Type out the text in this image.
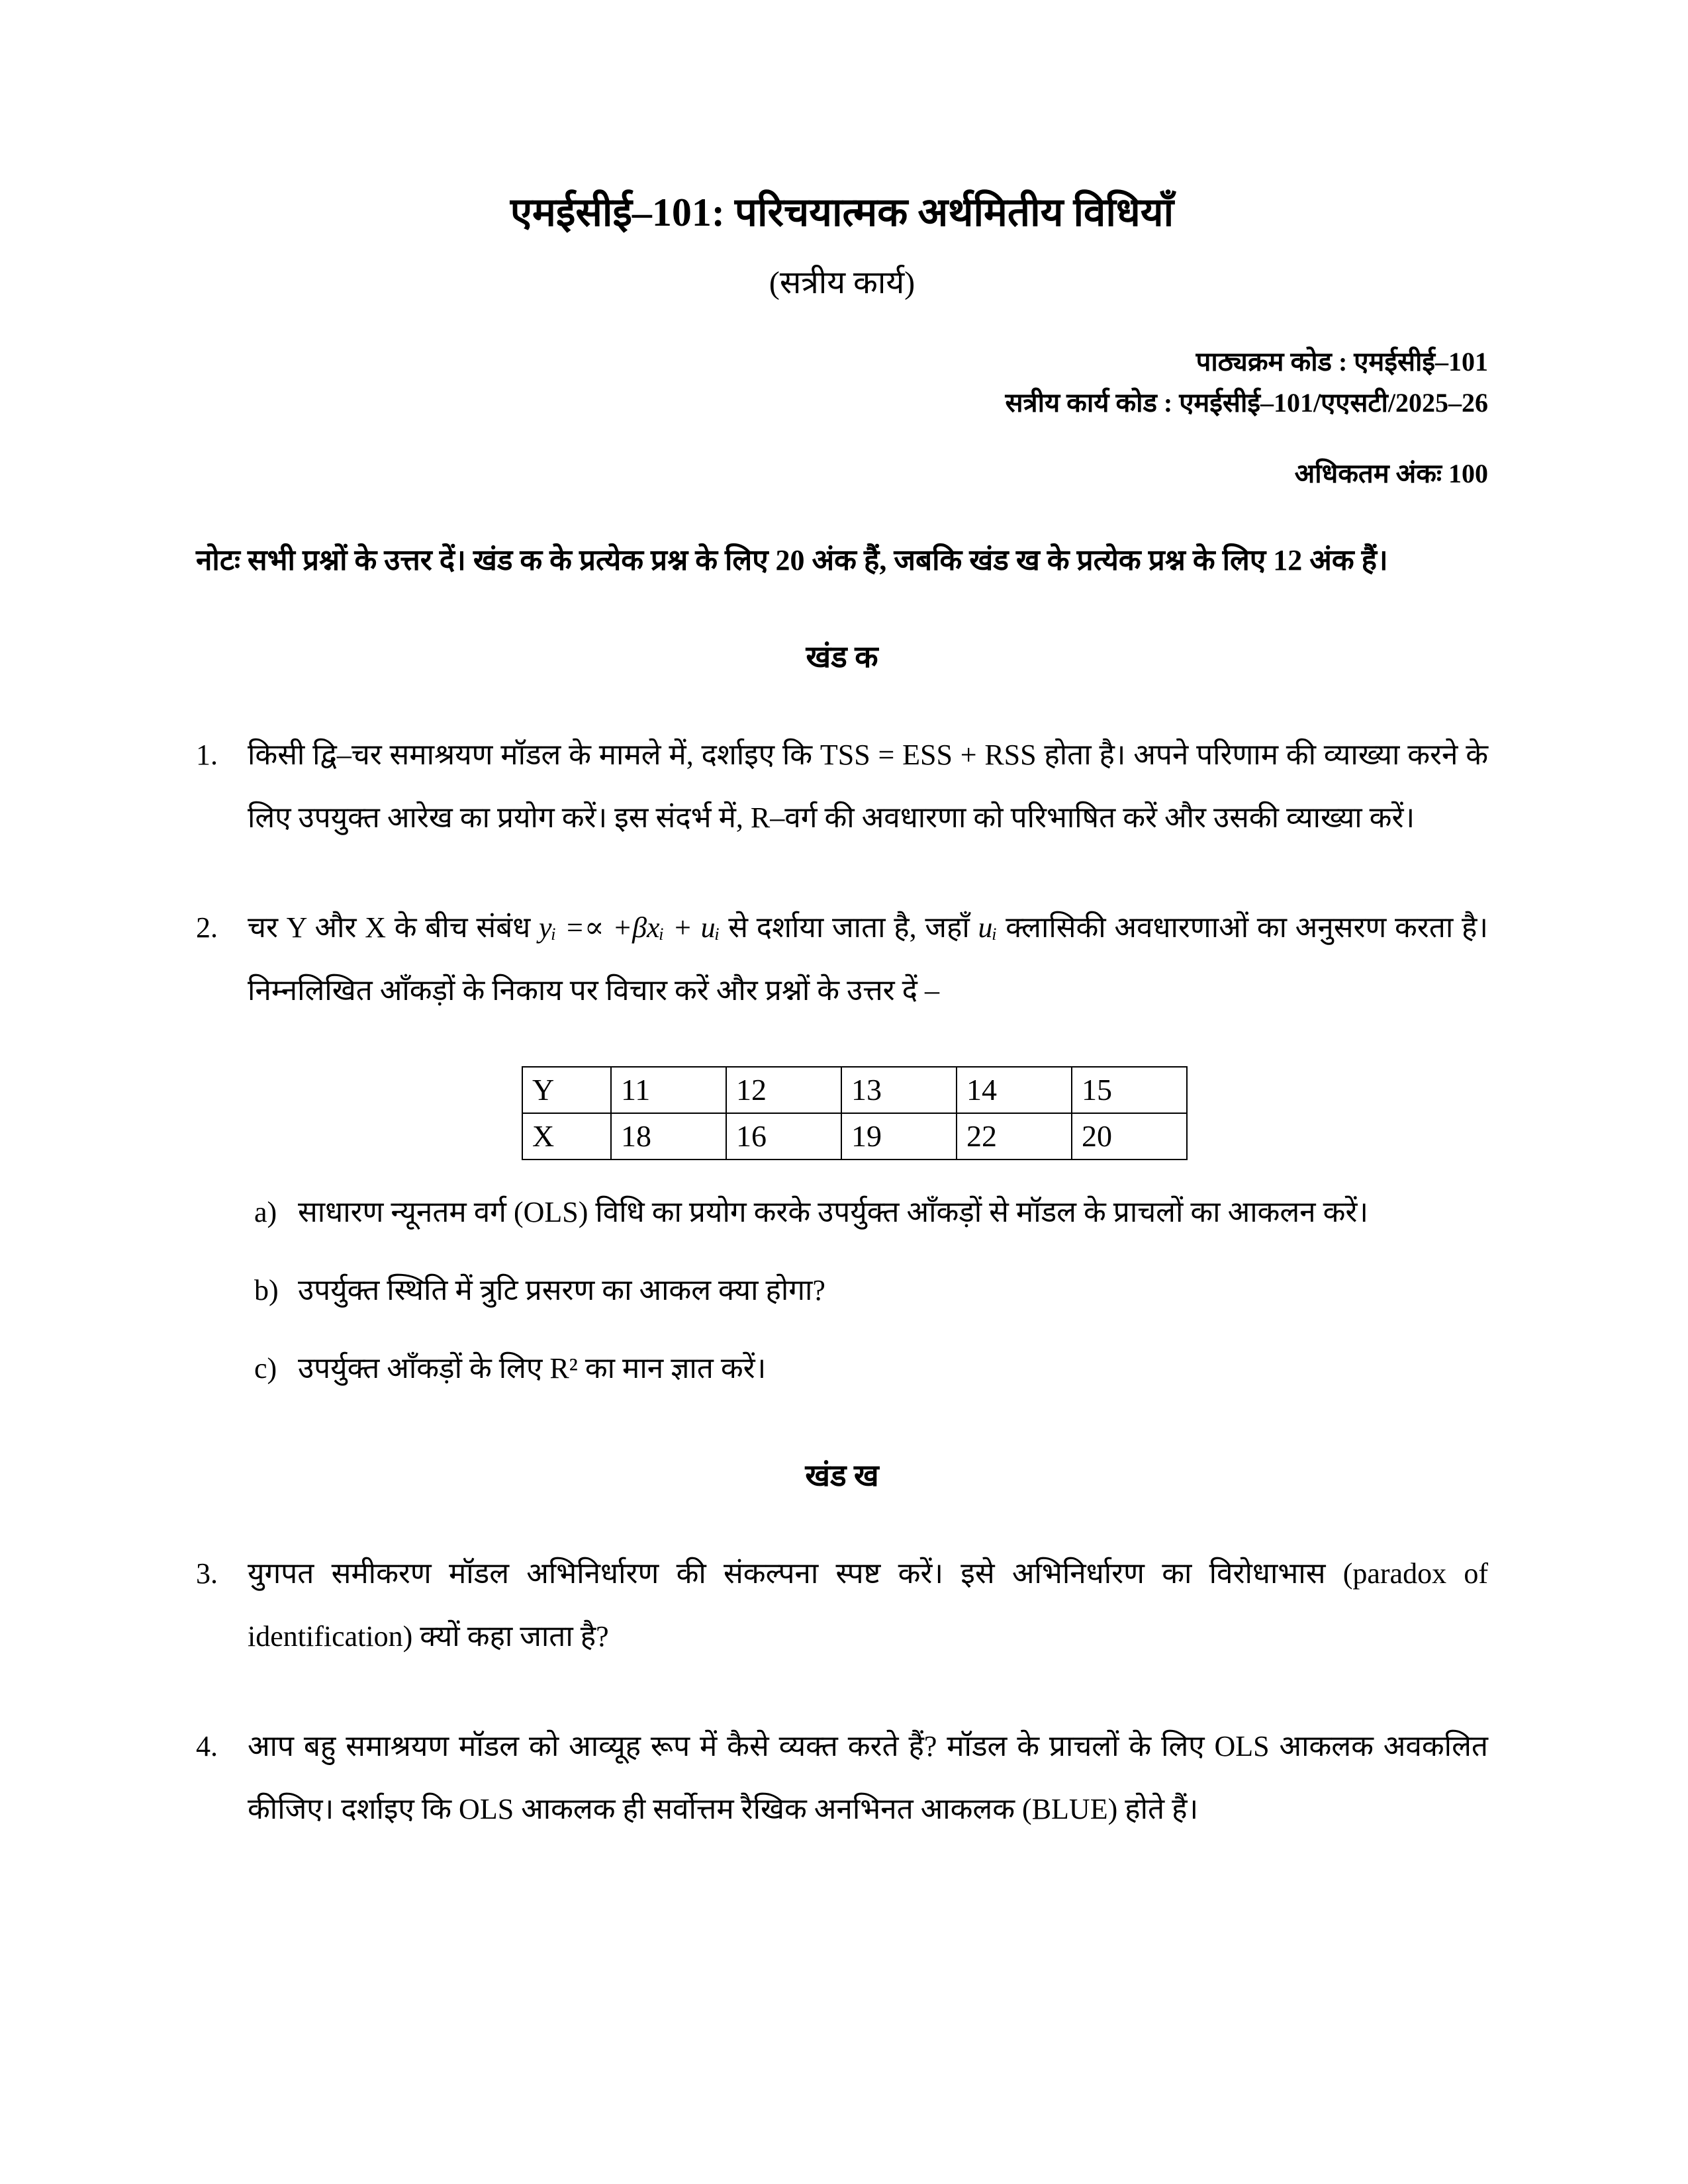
एमईसीई–101: परिचयात्मक अर्थमितीय विधियाँ
(सत्रीय कार्य)
पाठ्यक्रम कोड : एमईसीई–101
सत्रीय कार्य कोड : एमईसीई–101/एएसटी/2025–26
अधिकतम अंकः 100

नोटः सभी प्रश्नों के उत्तर दें। खंड क के प्रत्येक प्रश्न के लिए 20 अंक हैं, जबकि खंड ख के प्रत्येक प्रश्न के लिए 12 अंक हैं।

खंड क
1.	किसी द्वि–चर समाश्रयण मॉडल के मामले में, दर्शाइए कि TSS = ESS + RSS होता है। अपने परिणाम की व्याख्या करने के लिए उपयुक्त आरेख का प्रयोग करें। इस संदर्भ में, R–वर्ग की अवधारणा को परिभाषित करें और उसकी व्याख्या करें।
2.	चर Y और X के बीच संबंध yᵢ =∝ +βxᵢ + uᵢ से दर्शाया जाता है, जहाँ uᵢ क्लासिकी अवधारणाओं का अनुसरण करता है। निम्नलिखित आँकड़ों के निकाय पर विचार करें और प्रश्नों के उत्तर दें –
Y	11	12	13	14	15
X	18	16	19	22	20
a) साधारण न्यूनतम वर्ग (OLS) विधि का प्रयोग करके उपर्युक्त आँकड़ों से मॉडल के प्राचलों का आकलन करें।
b) उपर्युक्त स्थिति में त्रुटि प्रसरण का आकल क्या होगा?
c) उपर्युक्त आँकड़ों के लिए R² का मान ज्ञात करें।
खंड ख
3.	युगपत समीकरण मॉडल अभिनिर्धारण की संकल्पना स्पष्ट करें। इसे अभिनिर्धारण का विरोधाभास (paradox of identification) क्यों कहा जाता है?
4.	आप बहु समाश्रयण मॉडल को आव्यूह रूप में कैसे व्यक्त करते हैं? मॉडल के प्राचलों के लिए OLS आकलक अवकलित कीजिए। दर्शाइए कि OLS आकलक ही सर्वोत्तम रैखिक अनभिनत आकलक (BLUE) होते हैं।
